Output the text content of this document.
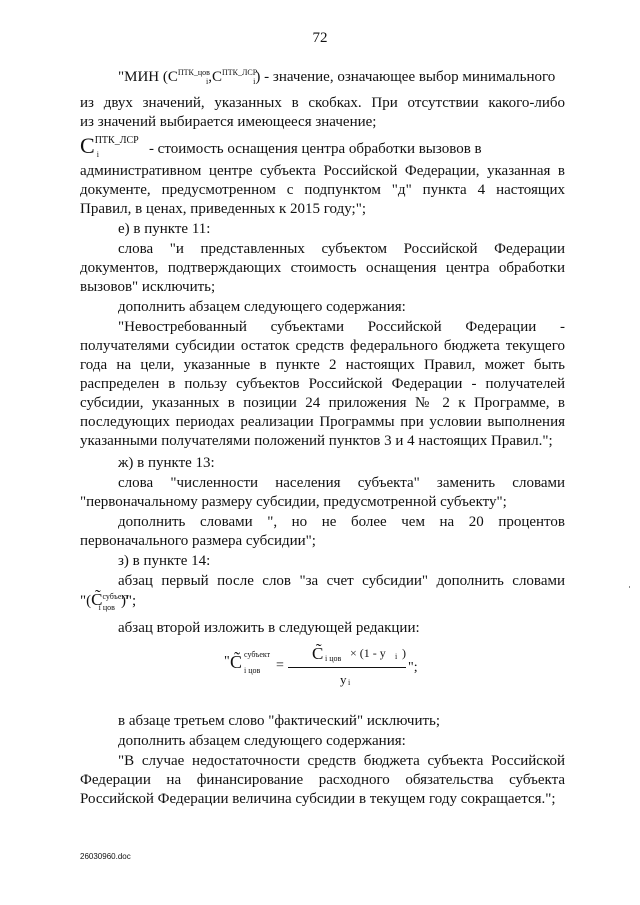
72
"МИН $(С^{ПТК\_цов}_i,С^{ПТК\_ЛСР}_i)$ - значение, означающее выбор минимального
из двух значений, указанных в скобках. При отсутствии какого-либо
из значений выбирается имеющееся значение;
$С^{ПТК\_ЛСР}_i$	- стоимость оснащения центра обработки вызовов в
административном центре субъекта Российской Федерации, указанная в
документе, предусмотренном с подпунктом "д" пункта 4 настоящих
Правил, в ценах, приведенных к 2015 году;";
е) в пункте 11:
слова "и представленных субъектом Российской Федерации
документов, подтверждающих стоимость оснащения центра обработки
вызовов" исключить;
дополнить абзацем следующего содержания:
"Невостребованный субъектами Российской Федерации -
получателями субсидии остаток средств федерального бюджета текущего
года на цели, указанные в пункте 2 настоящих Правил, может быть
распределен в пользу субъектов Российской Федерации - получателей
субсидии, указанных в позиции 24 приложения № 2 к Программе, в
последующих периодах реализации Программы при условии выполнения
указанными получателями положений пунктов 3 и 4 настоящих Правил.";
ж) в пункте 13:
слова "численности населения субъекта" заменить словами
"первоначальному размеру субсидии, предусмотренной субъекту";
дополнить словами ", но не более чем на 20 процентов
первоначального размера субсидии";
з) в пункте 14:
абзац первый после слов "за счет субсидии" дополнить словами
"(C̃$^{субъект}_{i цов}$ )";
абзац второй изложить в следующей редакции:
" C̃ субъект
i цов =
C̃ i цов × (1 - y i )
y i
";
в абзаце третьем слово "фактический" исключить;
дополнить абзацем следующего содержания:
"В случае недостаточности средств бюджета субъекта Российской
Федерации на финансирование расходного обязательства субъекта
Российской Федерации величина субсидии в текущем году сокращается.";
26030960.doc
